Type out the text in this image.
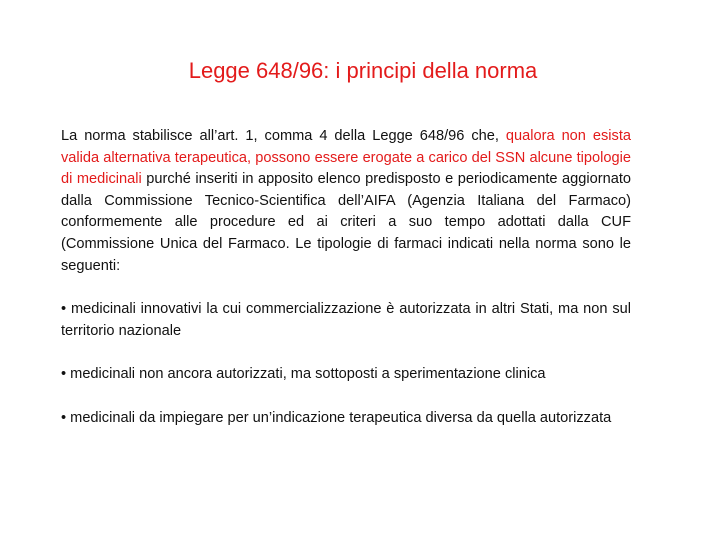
Legge 648/96: i principi della norma

La norma stabilisce all’art. 1, comma 4 della Legge 648/96 che, qualora non esista valida alternativa terapeutica, possono essere erogate a carico del SSN alcune tipologie di medicinali purché inseriti in apposito elenco predisposto e periodicamente aggiornato dalla Commissione Tecnico-Scientifica dell’AIFA (Agenzia Italiana del Farmaco) conformemente alle procedure ed ai criteri a suo tempo adottati dalla CUF (Commissione Unica del Farmaco. Le tipologie di farmaci indicati nella norma sono le seguenti:

• medicinali innovativi la cui commercializzazione è autorizzata in altri Stati, ma non sul territorio nazionale

• medicinali non ancora autorizzati, ma sottoposti a sperimentazione clinica

• medicinali da impiegare per un’indicazione terapeutica diversa da quella autorizzata
